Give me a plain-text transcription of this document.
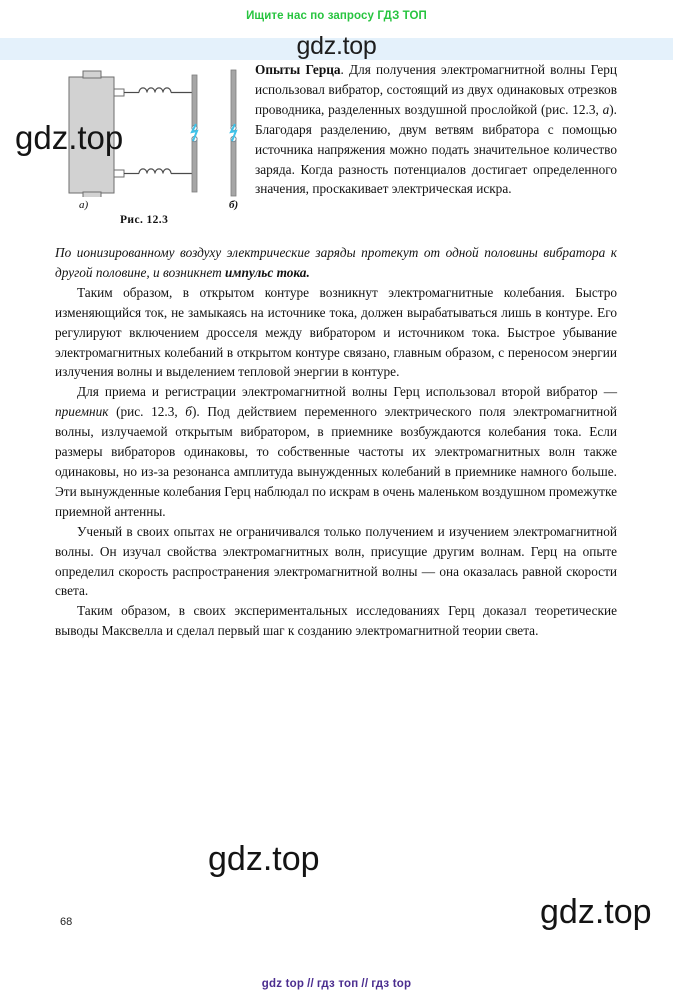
Ищите нас по запросу ГДЗ ТОП
gdz.top
а)	б)
Рис. 12.3

Опыты Герца. Для получения электромагнитной волны Герц использовал вибратор, состоящий из двух одинаковых отрезков проводника, разделенных воздушной прослойкой (рис. 12.3, а). Благодаря разделению, двум ветвям вибратора с помощью источника напряжения можно подать значительное количество заряда. Когда разность потенциалов достигает определенного значения, проскакивает электрическая искра.

По ионизированному воздуху электрические заряды протекут от одной половины вибратора к другой половине, и возникнет импульс тока.

Таким образом, в открытом контуре возникнут электромагнитные колебания. Быстро изменяющийся ток, не замыкаясь на источнике тока, должен вырабатываться лишь в контуре. Его регулируют включением дросселя между вибратором и источником тока. Быстрое убывание электромагнитных колебаний в открытом контуре связано, главным образом, с переносом энергии излучения волны и выделением тепловой энергии в контуре.

Для приема и регистрации электромагнитной волны Герц использовал второй вибратор — приемник (рис. 12.3, б). Под действием переменного электрического поля электромагнитной волны, излучаемой открытым вибратором, в приемнике возбуждаются колебания тока. Если размеры вибраторов одинаковы, то собственные частоты их электромагнитных волн также одинаковы, но из-за резонанса амплитуда вынужденных колебаний в приемнике намного больше. Эти вынужденные колебания Герц наблюдал по искрам в очень маленьком воздушном промежутке приемной антенны.

Ученый в своих опытах не ограничивался только получением и изучением электромагнитной волны. Он изучал свойства электромагнитных волн, присущие другим волнам. Герц на опыте определил скорость распространения электромагнитной волны — она оказалась равной скорости света.

Таким образом, в своих экспериментальных исследованиях Герц доказал теоретические выводы Максвелла и сделал первый шаг к созданию электромагнитной теории света.

gdz.top
gdz.top
gdz.top
68
gdz top // гдз топ // гдз top
